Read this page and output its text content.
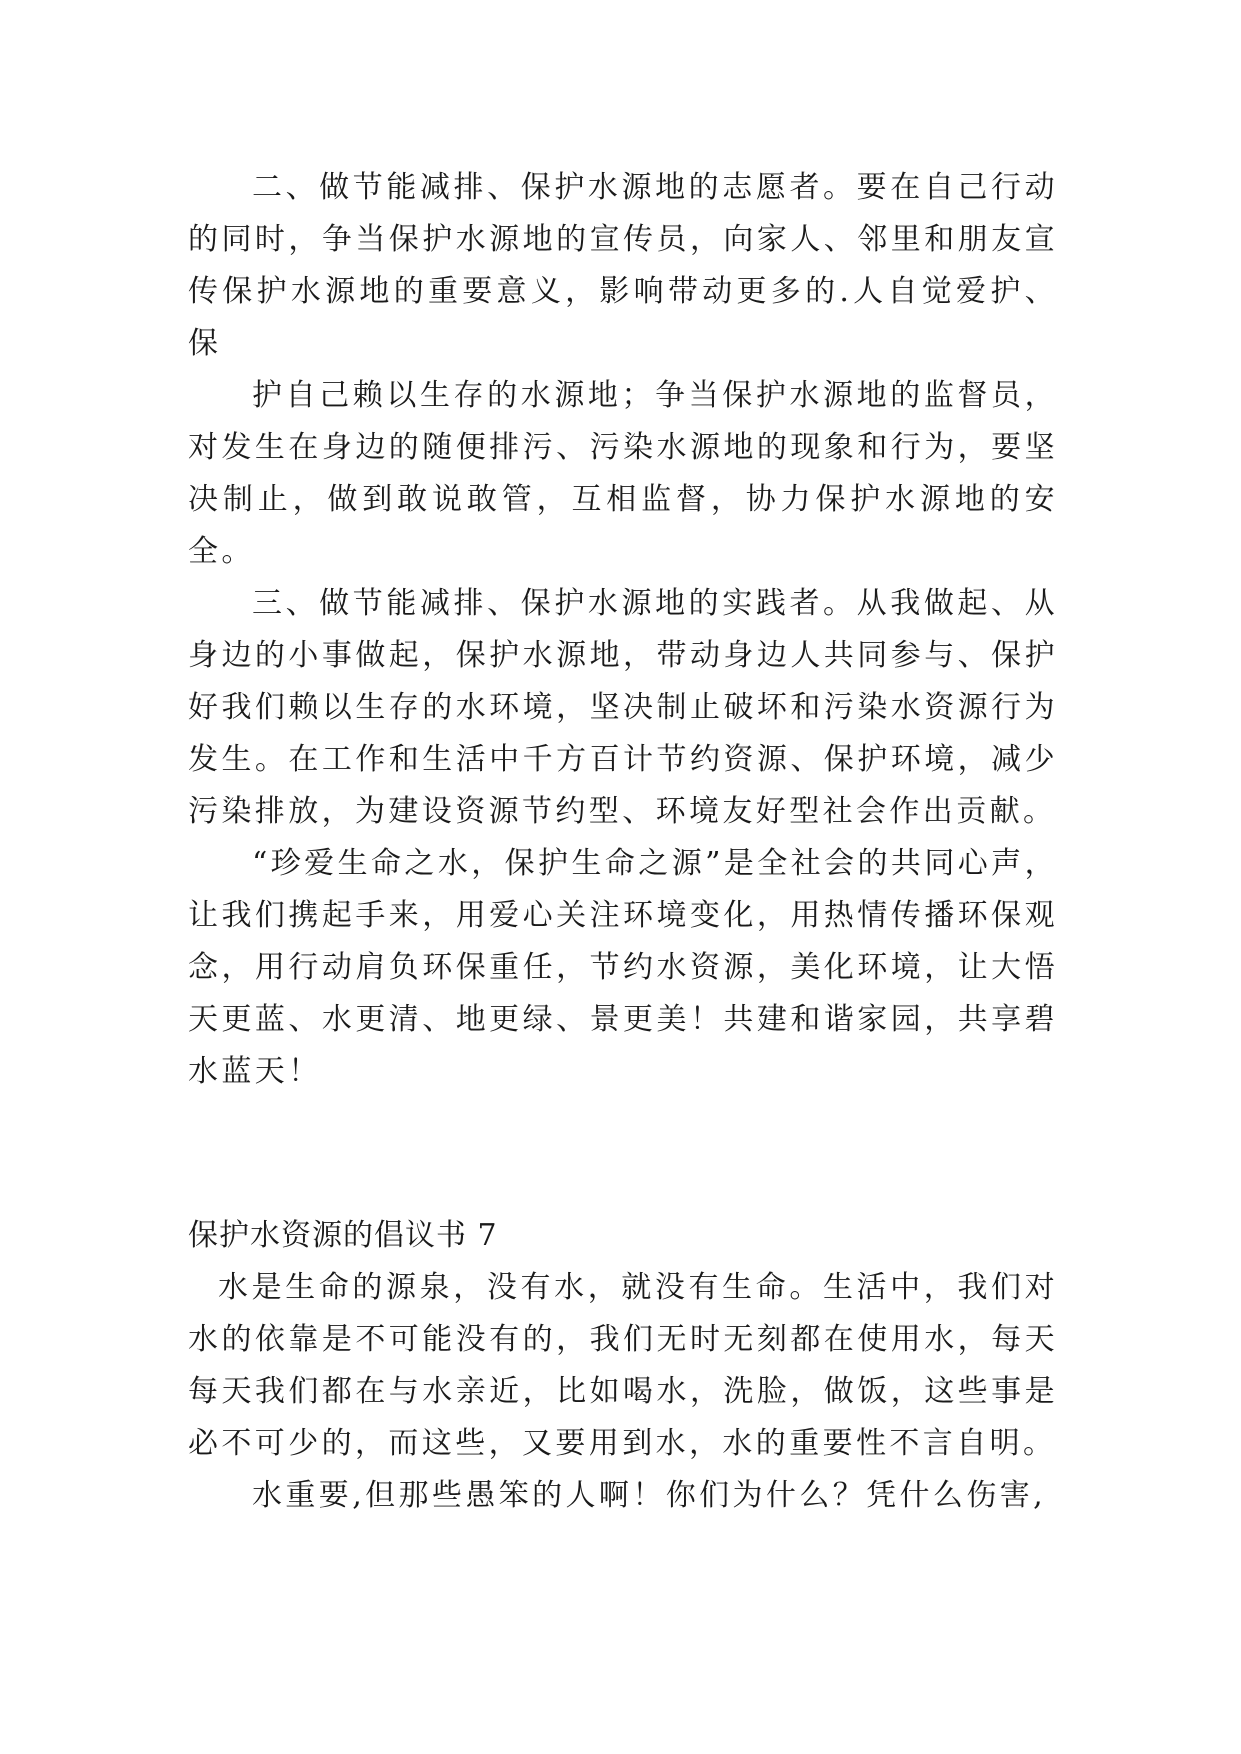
二、做节能减排、保护水源地的志愿者。要在自己行动的同时，争当保护水源地的宣传员，向家人、邻里和朋友宣传保护水源地的重要意义，影响带动更多的.人自觉爱护、保

护自己赖以生存的水源地；争当保护水源地的监督员，对发生在身边的随便排污、污染水源地的现象和行为，要坚决制止，做到敢说敢管，互相监督，协力保护水源地的安全。

三、做节能减排、保护水源地的实践者。从我做起、从身边的小事做起，保护水源地，带动身边人共同参与、保护好我们赖以生存的水环境，坚决制止破坏和污染水资源行为发生。在工作和生活中千方百计节约资源、保护环境，减少污染排放，为建设资源节约型、环境友好型社会作出贡献。

“珍爱生命之水，保护生命之源”是全社会的共同心声，让我们携起手来，用爱心关注环境变化，用热情传播环保观念，用行动肩负环保重任，节约水资源，美化环境，让大悟天更蓝、水更清、地更绿、景更美！共建和谐家园，共享碧水蓝天！

保护水资源的倡议书 7

水是生命的源泉，没有水，就没有生命。生活中，我们对水的依靠是不可能没有的，我们无时无刻都在使用水，每天每天我们都在与水亲近，比如喝水，洗脸，做饭，这些事是必不可少的，而这些，又要用到水，水的重要性不言自明。

水重要,但那些愚笨的人啊！你们为什么？凭什么伤害,
